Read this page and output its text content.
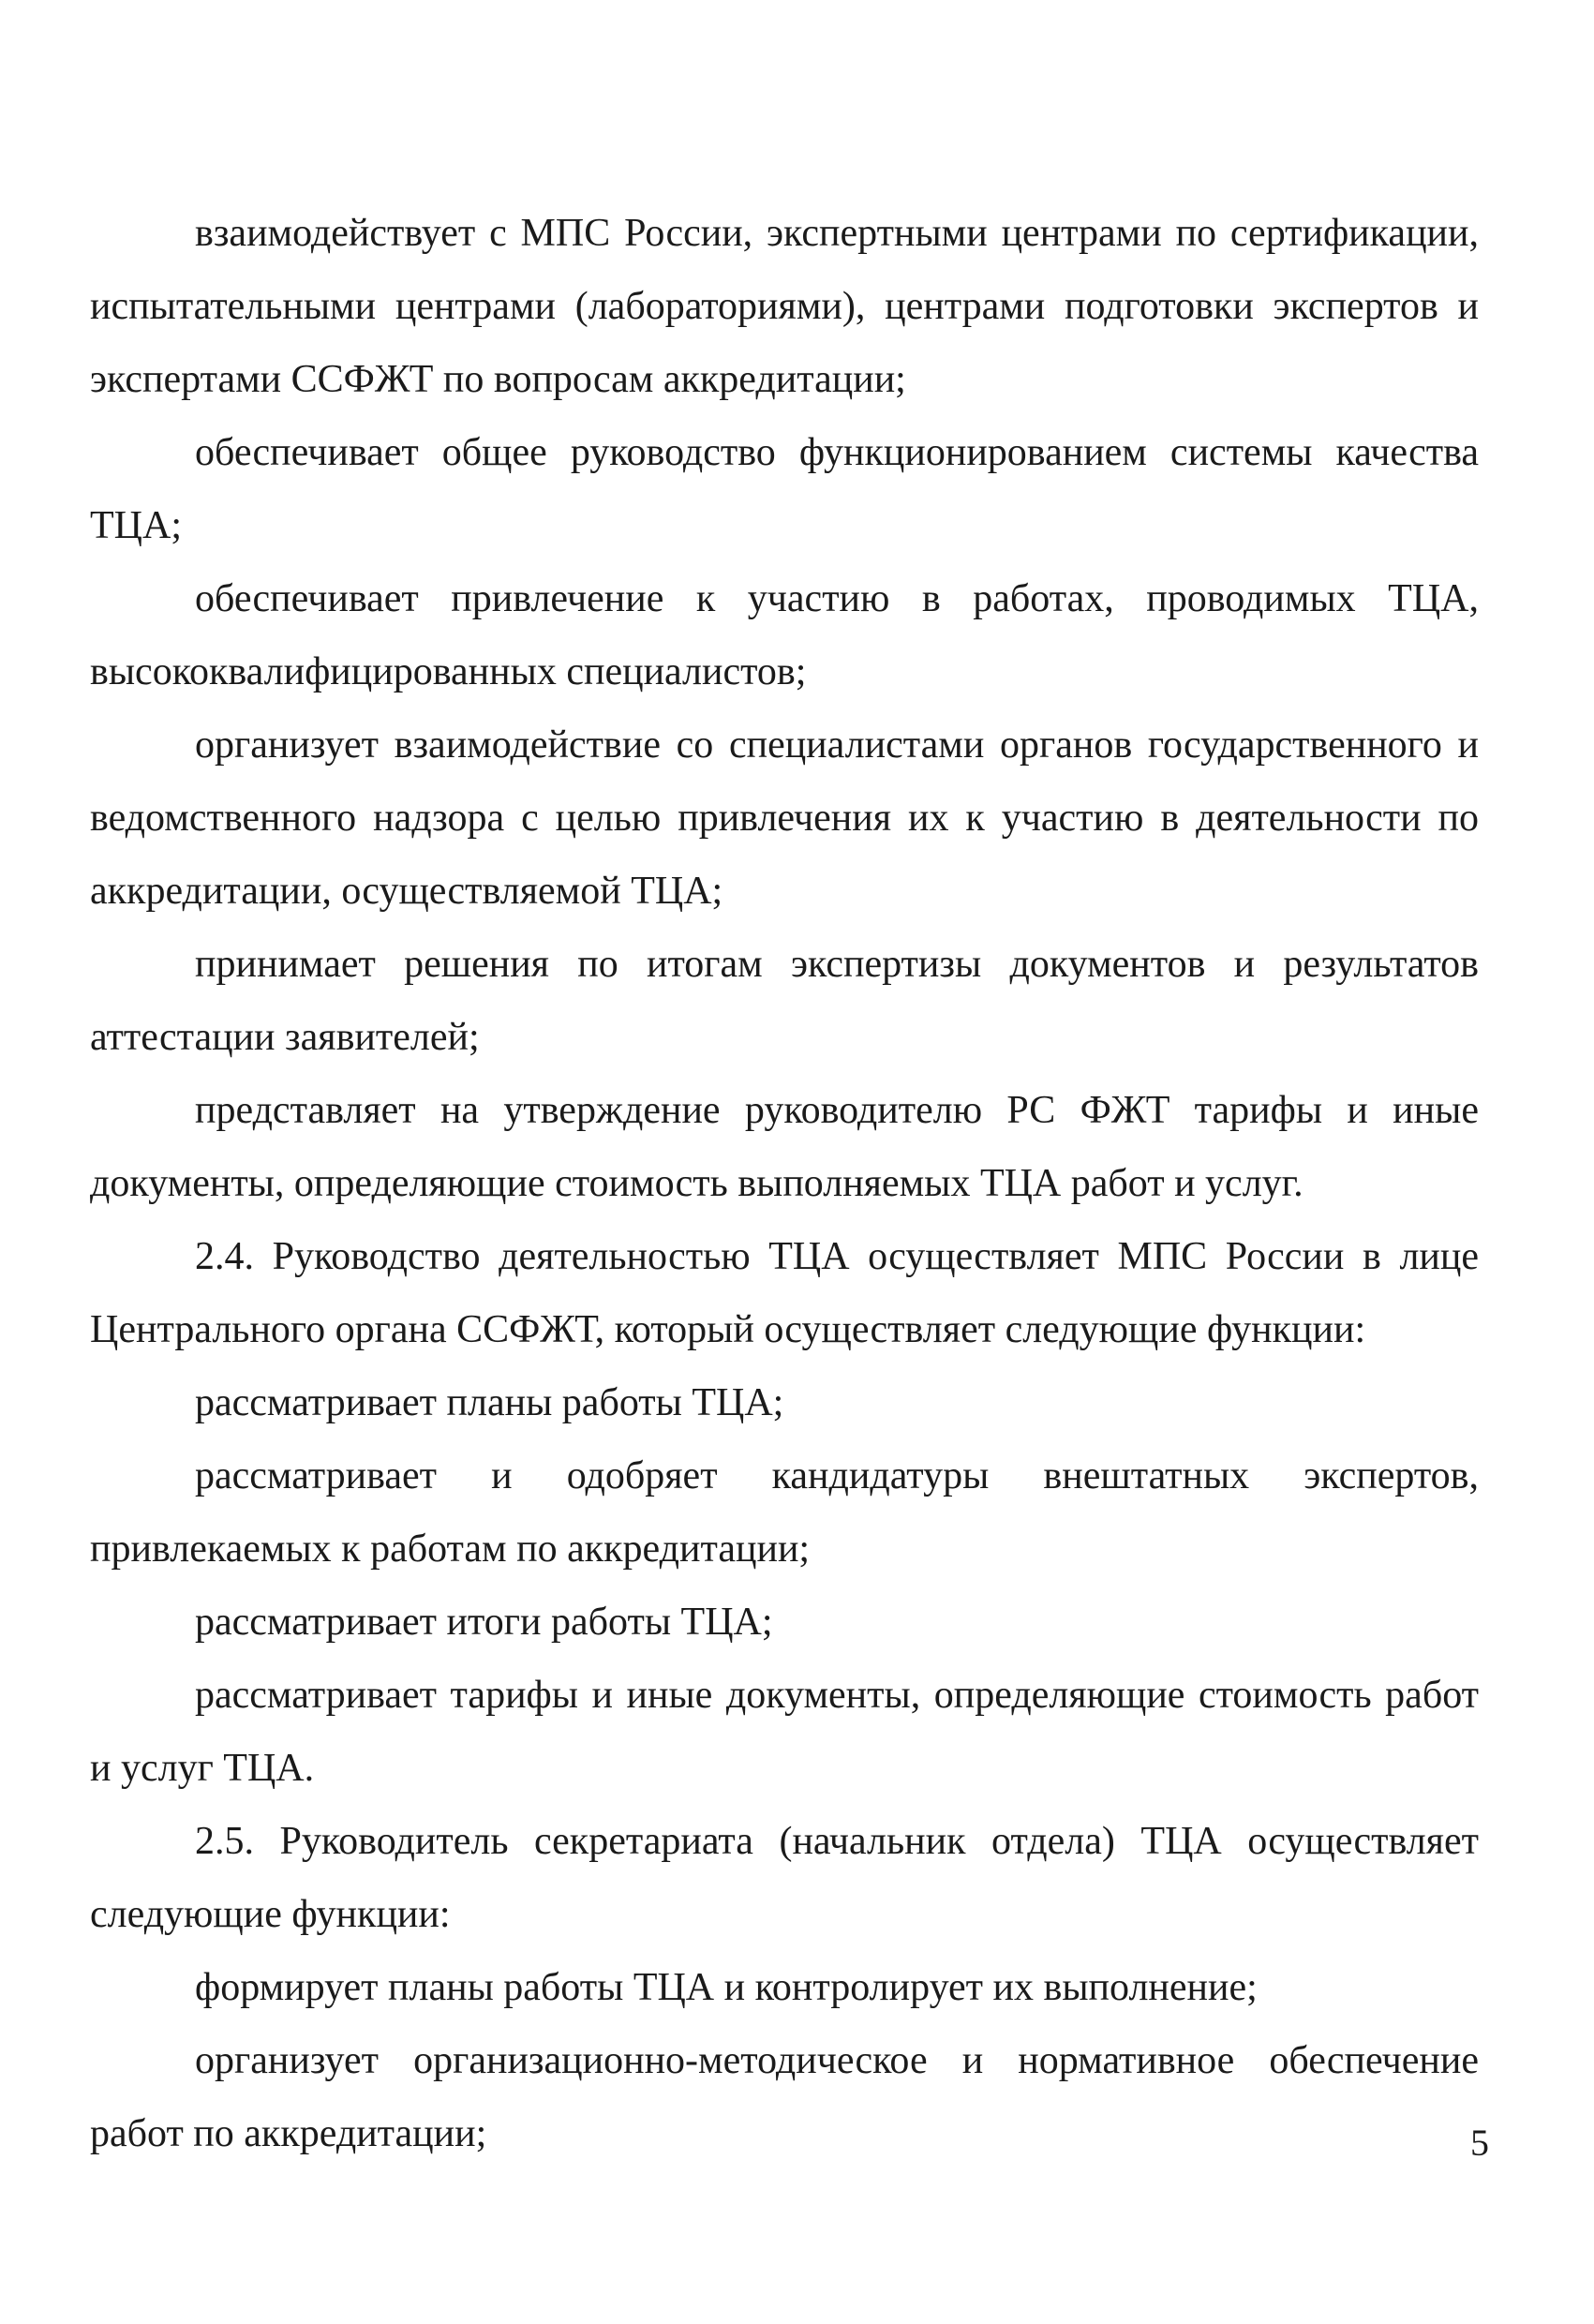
взаимодействует с МПС России, экспертными центрами по сертификации, испытательными центрами (лабораториями), центрами подготовки экспертов и экспертами ССФЖТ по вопросам аккредитации;

обеспечивает общее руководство функционированием системы качества ТЦА;

обеспечивает привлечение к участию в работах, проводимых ТЦА, высококвалифицированных специалистов;

организует взаимодействие со специалистами органов государственного и ведомственного надзора с целью привлечения их к участию в деятельности по аккредитации, осуществляемой ТЦА;

принимает решения по итогам экспертизы документов и результатов аттестации заявителей;

представляет на утверждение руководителю РС ФЖТ тарифы и иные документы, определяющие стоимость выполняемых ТЦА работ и услуг.

2.4. Руководство деятельностью ТЦА осуществляет МПС России в лице Центрального органа ССФЖТ, который осуществляет следующие функции:

рассматривает планы работы ТЦА;

рассматривает и одобряет кандидатуры внештатных экспертов, привлекаемых к работам по аккредитации;

рассматривает итоги работы ТЦА;

рассматривает тарифы и иные документы, определяющие стоимость работ и услуг ТЦА.

2.5. Руководитель секретариата (начальник отдела) ТЦА осуществляет следующие функции:

формирует планы работы ТЦА и контролирует их выполнение;

организует организационно-методическое и нормативное обеспечение работ по аккредитации;	5
